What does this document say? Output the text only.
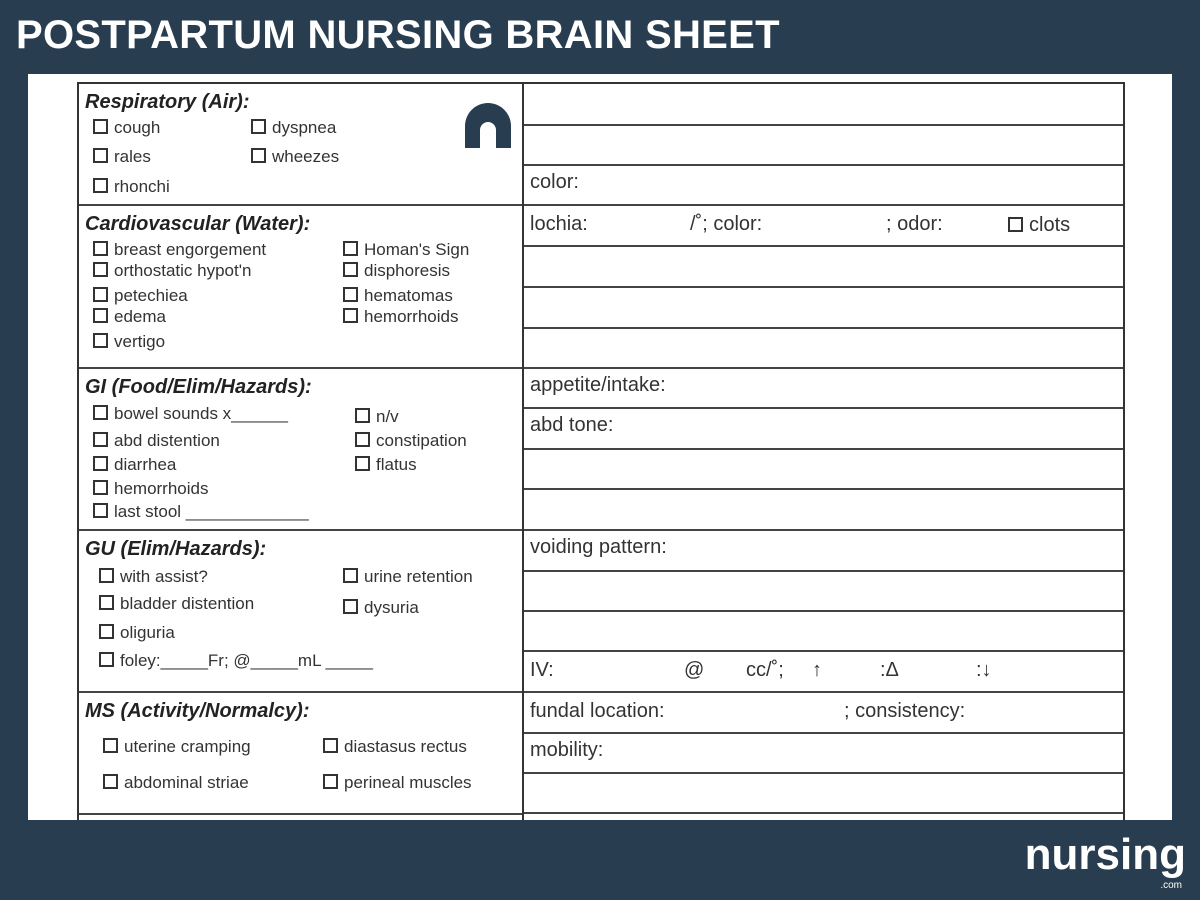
POSTPARTUM NURSING BRAIN SHEET
Respiratory (Air):
cough	dyspnea
rales	wheezes
rhonchi
Cardiovascular (Water):
breast engorgement	Homan's Sign
orthostatic hypot'n	disphoresis
petechiea	hematomas
edema	hemorrhoids
vertigo
GI (Food/Elim/Hazards):
bowel sounds x______	n/v
abd distention	constipation
diarrhea	flatus
hemorrhoids
last stool _____________
GU (Elim/Hazards):
with assist?	urine retention
bladder distention	dysuria
oliguria
foley:_____Fr; @_____mL _____
MS (Activity/Normalcy):
uterine cramping	diastasus rectus
abdominal striae	perineal muscles
color:
lochia:	/˚; color:	; odor:	clots
appetite/intake:
abd tone:
voiding pattern:
IV:	@ cc/˚; ↑	:Δ	:↓
fundal location:	; consistency:
mobility:
nursing
.com
